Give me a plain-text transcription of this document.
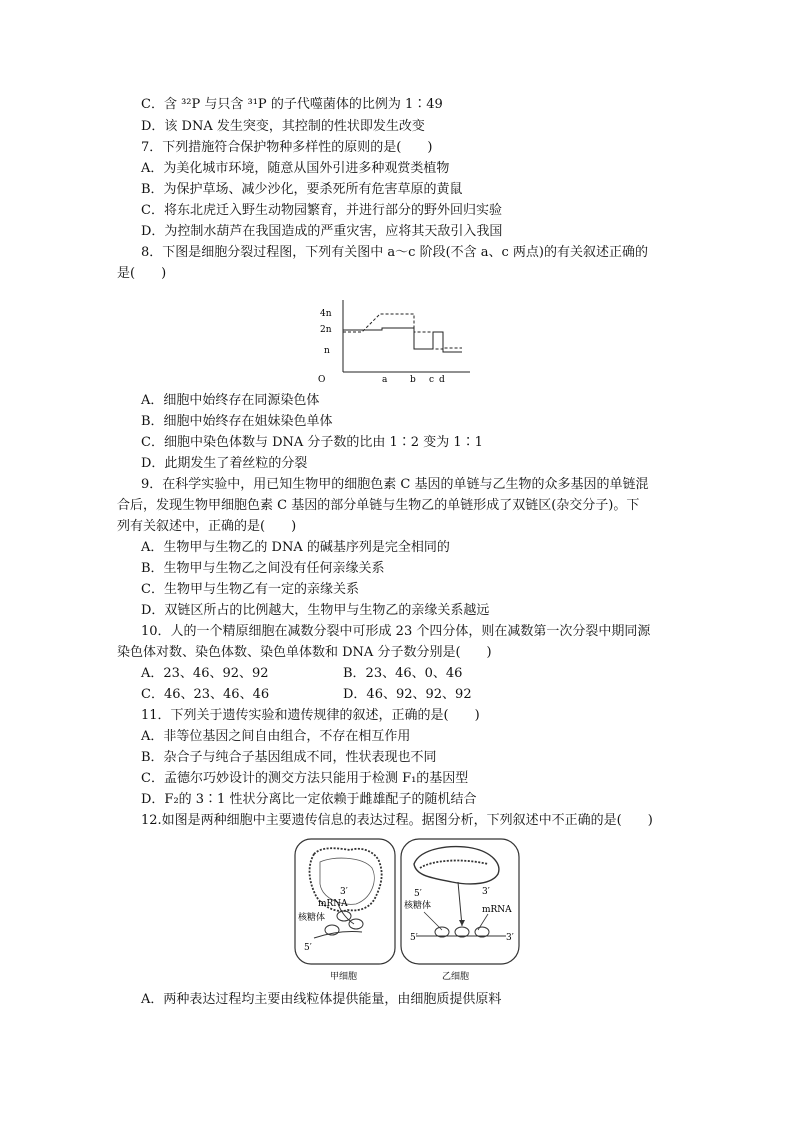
C．含 ³²P 与只含 ³¹P 的子代噬菌体的比例为 1∶49
D．该 DNA 发生突变，其控制的性状即发生改变
7．下列措施符合保护物种多样性的原则的是(　　)
A．为美化城市环境，随意从国外引进多种观赏类植物
B．为保护草场、减少沙化，要杀死所有危害草原的黄鼠
C．将东北虎迁入野生动物园繁育，并进行部分的野外回归实验
D．为控制水葫芦在我国造成的严重灾害，应将其天敌引入我国
8．下图是细胞分裂过程图，下列有关图中 a～c 阶段(不含 a、c 两点)的有关叙述正确的
是(　　)
4n
2n
n
O	a	b c d
A．细胞中始终存在同源染色体
B．细胞中始终存在姐妹染色单体
C．细胞中染色体数与 DNA 分子数的比由 1∶2 变为 1∶1
D．此期发生了着丝粒的分裂
9．在科学实验中，用已知生物甲的细胞色素 C 基因的单链与乙生物的众多基因的单链混
合后，发现生物甲细胞色素 C 基因的部分单链与生物乙的单链形成了双链区(杂交分子)。下
列有关叙述中，正确的是(　　)
A．生物甲与生物乙的 DNA 的碱基序列是完全相同的
B．生物甲与生物乙之间没有任何亲缘关系
C．生物甲与生物乙有一定的亲缘关系
D．双链区所占的比例越大，生物甲与生物乙的亲缘关系越远
10．人的一个精原细胞在减数分裂中可形成 23 个四分体，则在减数第一次分裂中期同源
染色体对数、染色体数、染色单体数和 DNA 分子数分别是(　　)
A．23、46、92、92	B．23、46、0、46
C．46、23、46、46	D．46、92、92、92
11．下列关于遗传实验和遗传规律的叙述，正确的是(　　)
A．非等位基因之间自由组合，不存在相互作用
B．杂合子与纯合子基因组成不同，性状表现也不同
C．孟德尔巧妙设计的测交方法只能用于检测 F₁的基因型
D．F₂的 3∶1 性状分离比一定依赖于雌雄配子的随机结合
12.如图是两种细胞中主要遗传信息的表达过程。据图分析，下列叙述中不正确的是(　　)
3′
mRNA
核糖体
5′
甲细胞
5′	3′
mRNA
核糖体
5′	3′
乙细胞
A．两种表达过程均主要由线粒体提供能量，由细胞质提供原料
